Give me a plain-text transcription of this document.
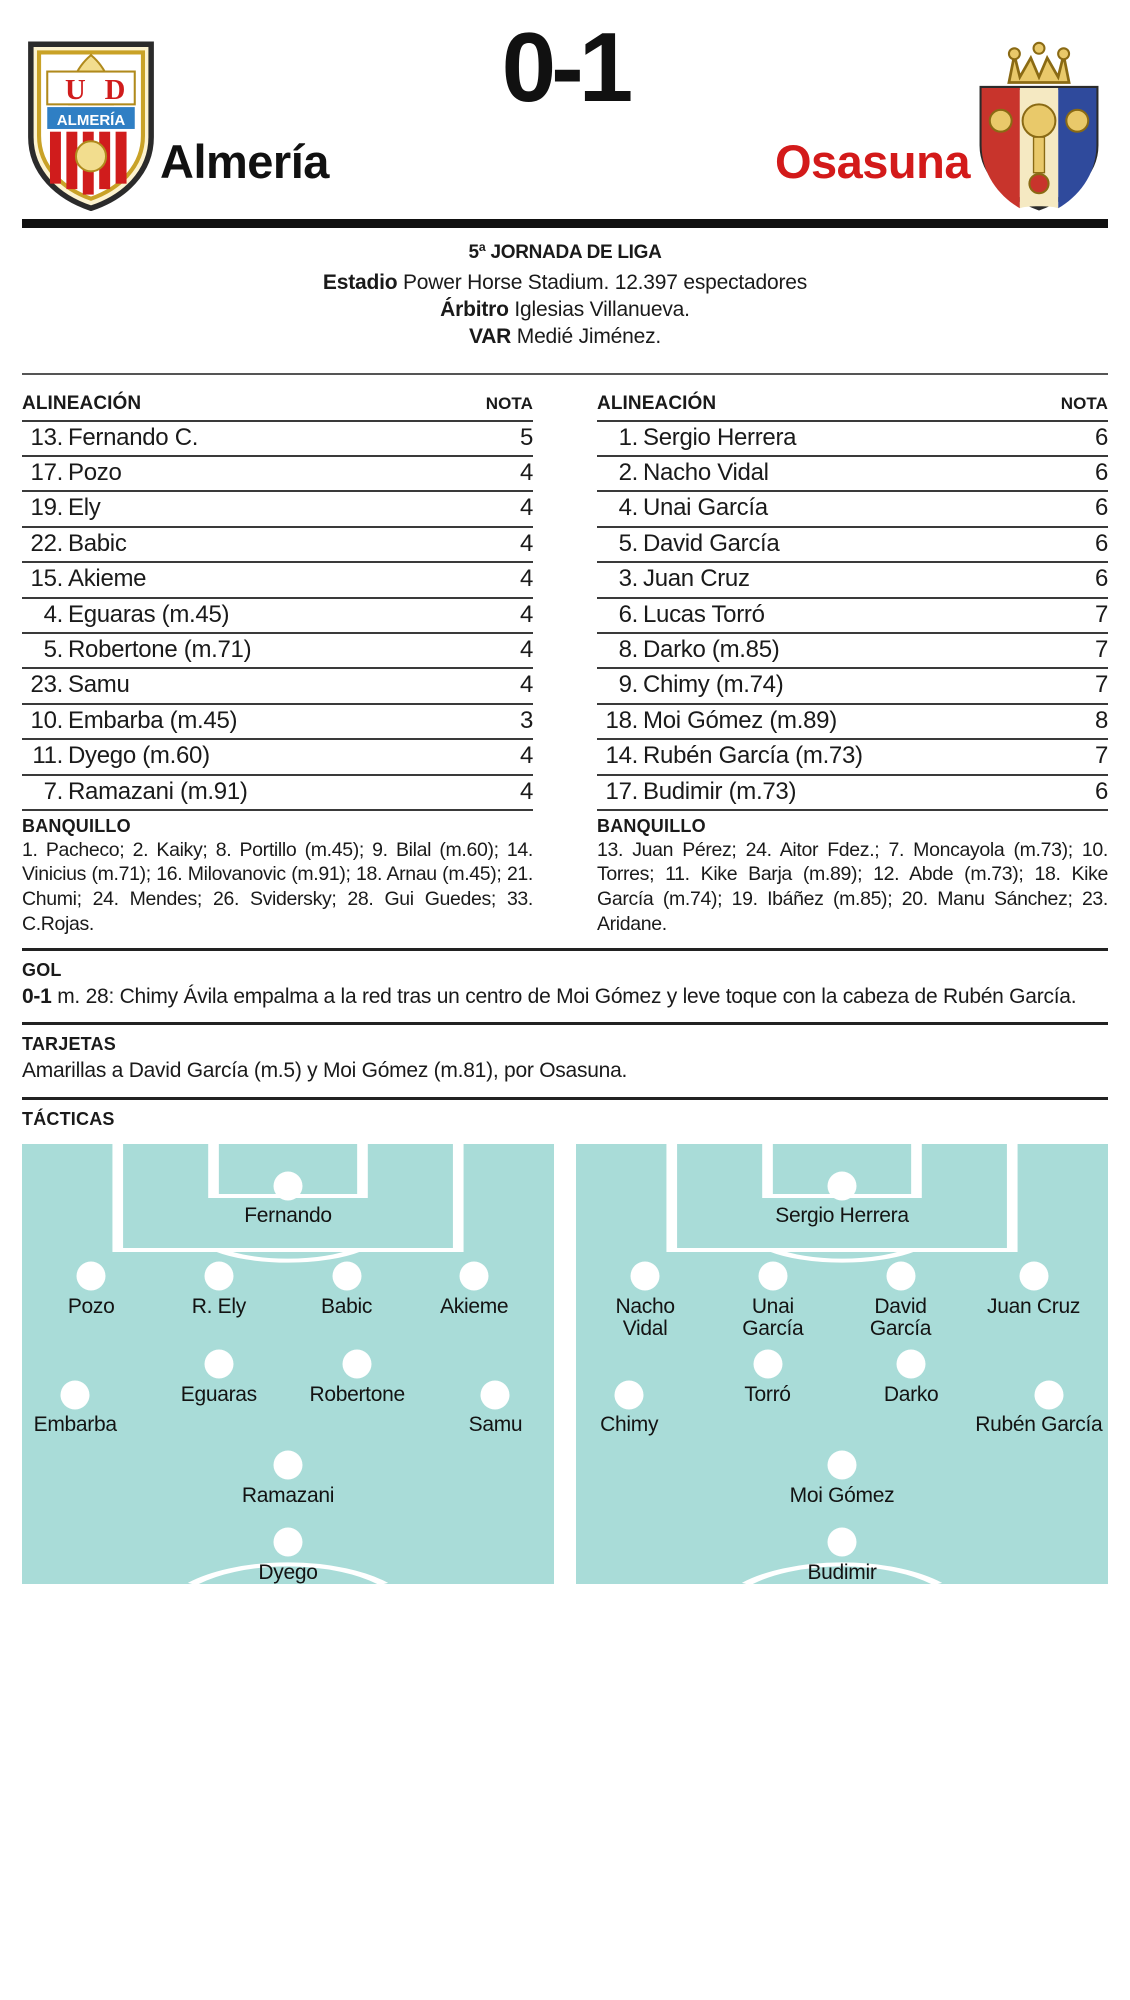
U D
ALMERÍA
Almería
0-1
Osasuna
5ª JORNADA DE LIGA
Estadio Power Horse Stadium. 12.397 espectadores
Árbitro Iglesias Villanueva.
VAR Medié Jiménez.
ALINEACIÓN	NOTA
13.	Fernando C.	5
17.	Pozo	4
19.	Ely	4
22.	Babic	4
15.	Akieme	4
4.	Eguaras (m.45)	4
5.	Robertone (m.71)	4
23.	Samu	4
10.	Embarba (m.45)	3
11.	Dyego (m.60)	4
7.	Ramazani (m.91)	4
BANQUILLO
1. Pacheco; 2. Kaiky; 8. Portillo (m.45); 9. Bilal (m.60); 14. Vinicius (m.71); 16. Milovanovic (m.91); 18. Arnau (m.45); 21. Chumi; 24. Mendes; 26. Svidersky; 28. Gui Guedes; 33. C.Rojas.
ALINEACIÓN	NOTA
1.	Sergio Herrera	6
2.	Nacho Vidal	6
4.	Unai García	6
5.	David García	6
3.	Juan Cruz	6
6.	Lucas Torró	7
8.	Darko (m.85)	7
9.	Chimy (m.74)	7
18.	Moi Gómez (m.89)	8
14.	Rubén García (m.73)	7
17.	Budimir (m.73)	6
BANQUILLO
13. Juan Pérez; 24. Aitor Fdez.; 7. Moncayola (m.73); 10. Torres; 11. Kike Barja (m.89); 12. Abde (m.73); 18. Kike García (m.74); 19. Ibáñez (m.85); 20. Manu Sánchez; 23. Aridane.
GOL
0-1 m. 28: Chimy Ávila empalma a la red tras un centro de Moi Gómez y leve toque con la cabeza de Rubén García.
TARJETAS
Amarillas a David García (m.5) y Moi Gómez (m.81), por Osasuna.
TÁCTICAS
Fernando
Pozo	R. Ely	Babic	Akieme
Eguaras	Robertone
Embarba	Samu
Ramazani
Dyego
Sergio Herrera
Nacho
Vidal
Unai
García
David
García
Juan Cruz
Torró	Darko
Chimy	Rubén García
Moi Gómez
Budimir
